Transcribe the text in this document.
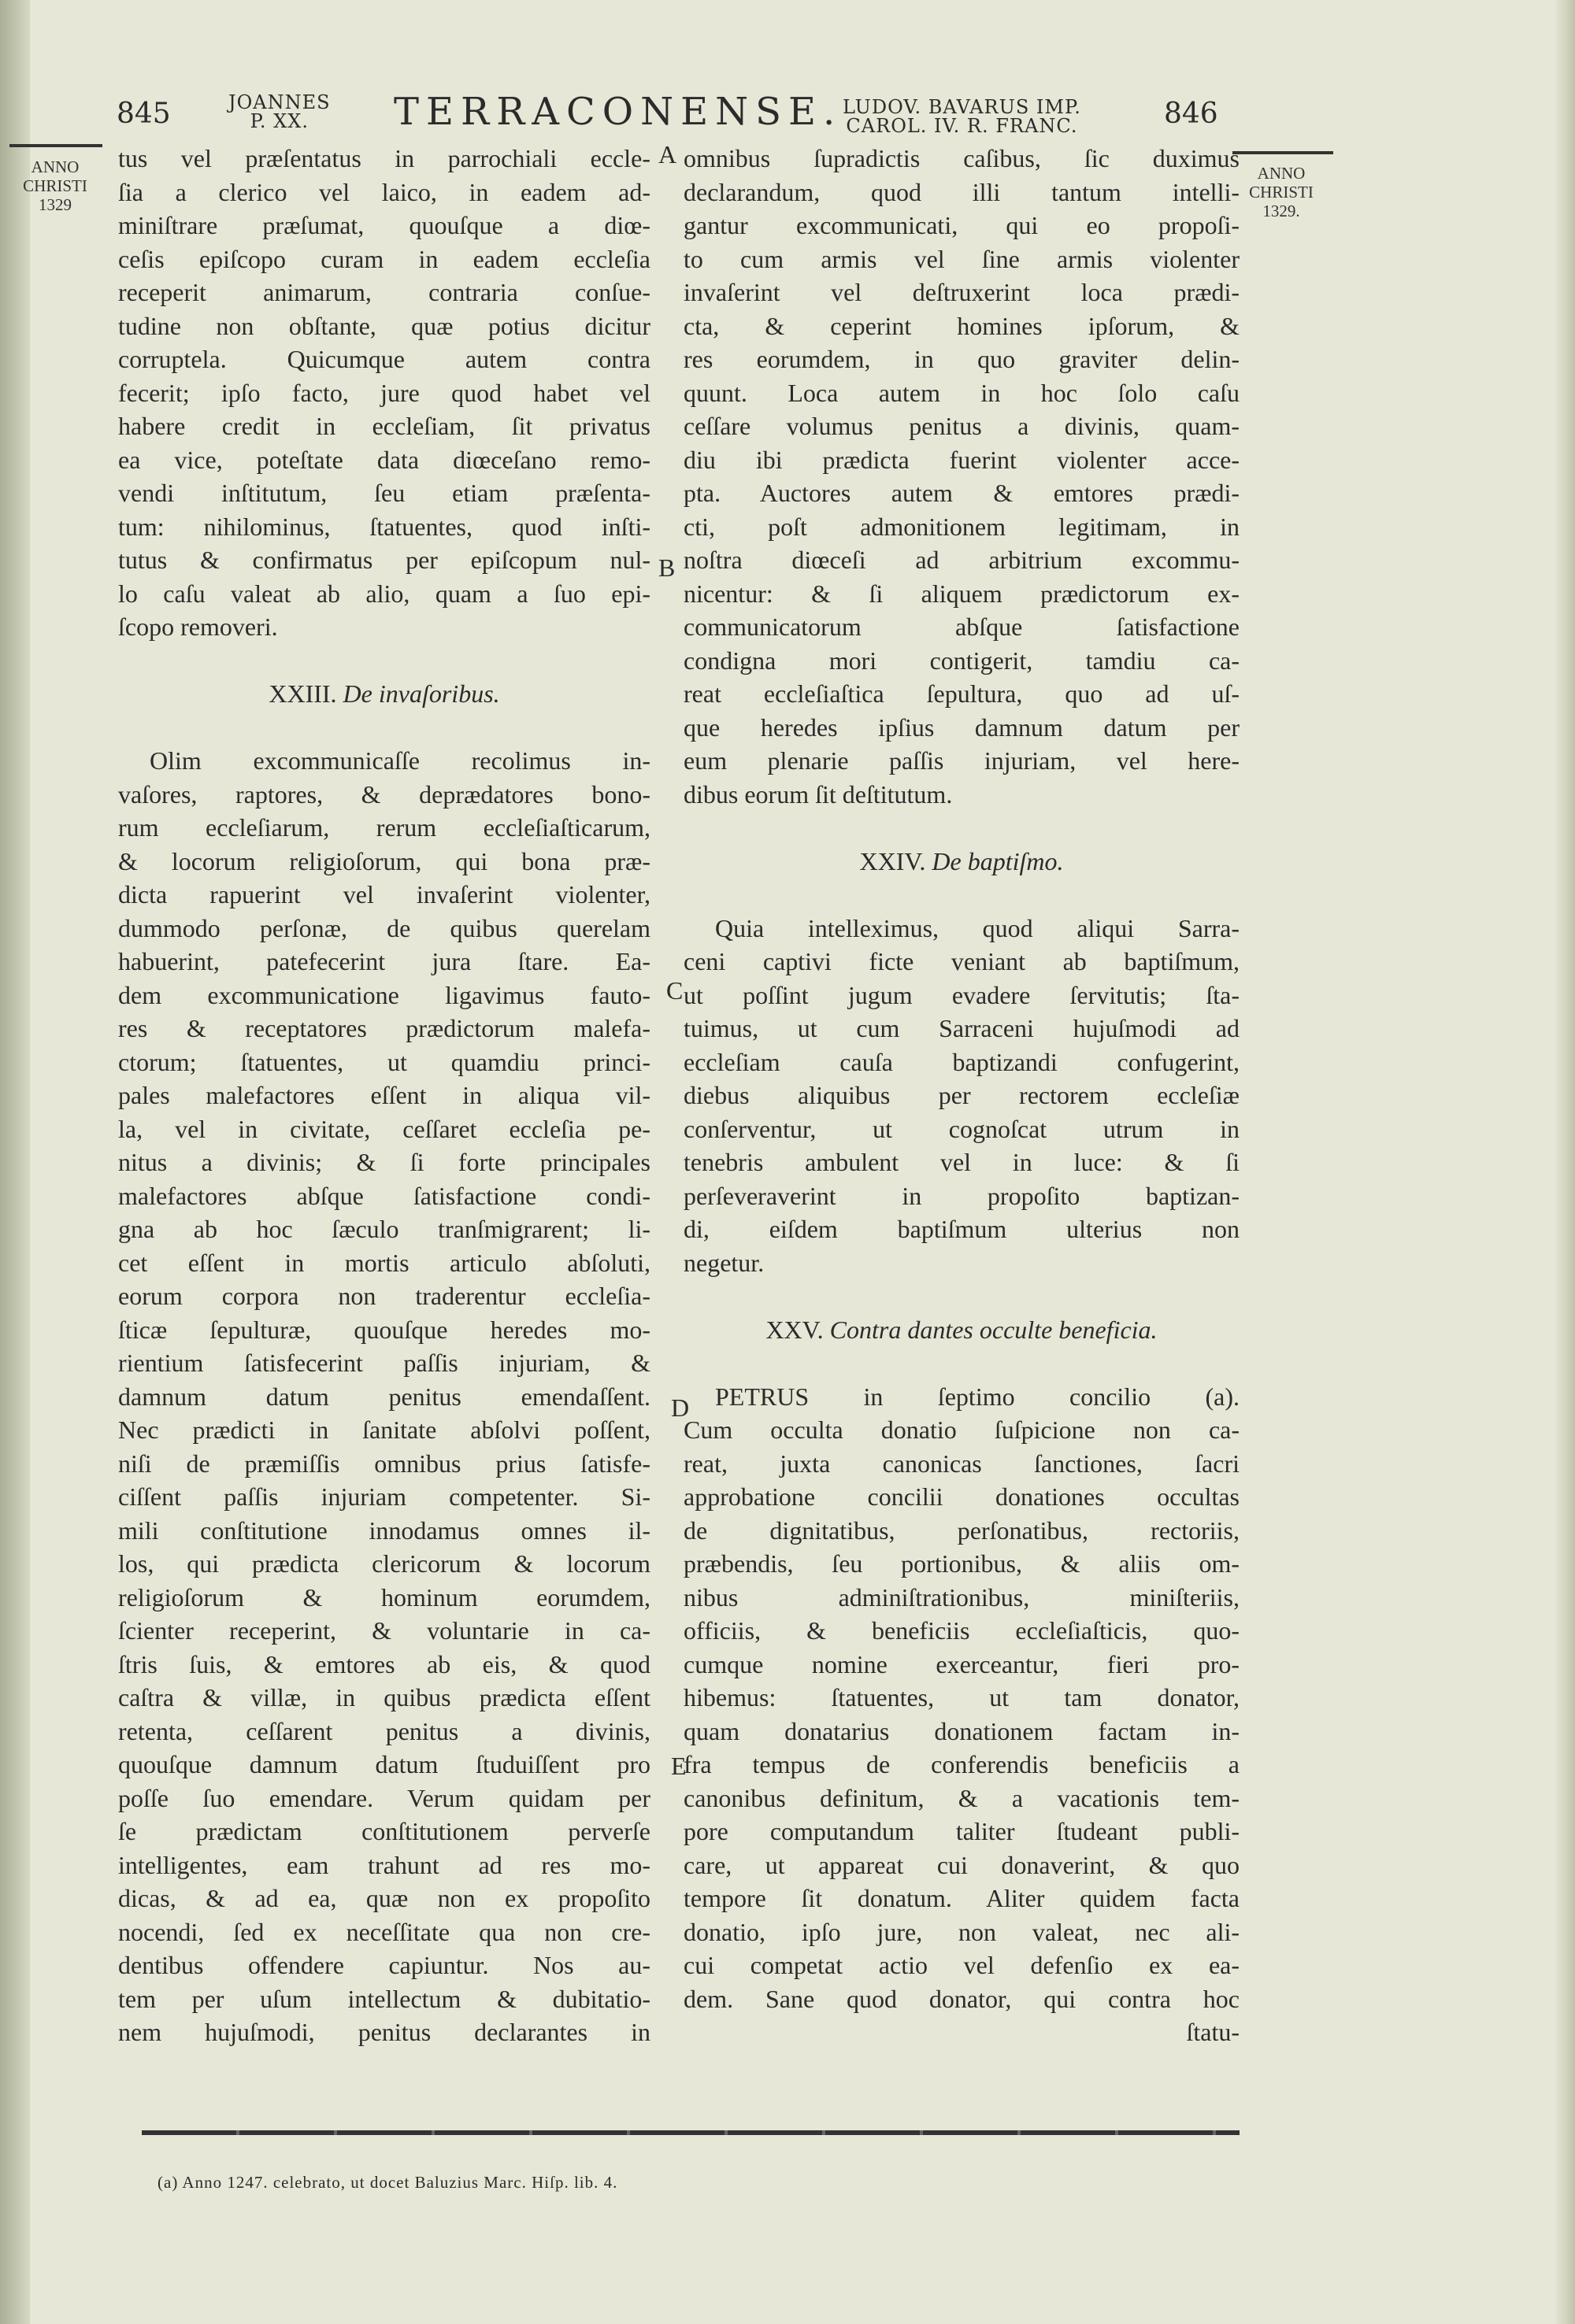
845	JOANNES
P. XX.	TERRACONENSE. LUDOV. BAVARUS IMP.
CAROL. IV. R. FRANC.	846
ANNO
CHRISTI
1329
ANNO
CHRISTI
1329.
A
B
C
D
E
tus vel præſentatus in parrochiali eccle-
ſia a clerico vel laico, in eadem ad-
miniſtrare præſumat, quouſque a diœ-
ceſis epiſcopo curam in eadem eccleſia
receperit animarum, contraria conſue-
tudine non obſtante, quæ potius dicitur
corruptela. Quicumque autem contra
fecerit; ipſo facto, jure quod habet vel
habere credit in eccleſiam, ſit privatus
ea vice, poteſtate data diœceſano remo-
vendi inſtitutum, ſeu etiam præſenta-
tum: nihilominus, ſtatuentes, quod inſti-
tutus & confirmatus per epiſcopum nul-
lo caſu valeat ab alio, quam a ſuo epi-
ſcopo removeri.
XXIII. De invaſoribus.
Olim excommunicaſſe recolimus in-
vaſores, raptores, & deprædatores bono-
rum eccleſiarum, rerum eccleſiaſticarum,
& locorum religioſorum, qui bona præ-
dicta rapuerint vel invaſerint violenter,
dummodo perſonæ, de quibus querelam
habuerint, patefecerint jura ſtare. Ea-
dem excommunicatione ligavimus fauto-
res & receptatores prædictorum malefa-
ctorum; ſtatuentes, ut quamdiu princi-
pales malefactores eſſent in aliqua vil-
la, vel in civitate, ceſſaret eccleſia pe-
nitus a divinis; & ſi forte principales
malefactores abſque ſatisfactione condi-
gna ab hoc ſæculo tranſmigrarent; li-
cet eſſent in mortis articulo abſoluti,
eorum corpora non traderentur eccleſia-
ſticæ ſepulturæ, quouſque heredes mo-
rientium ſatisfecerint paſſis injuriam, &
damnum datum penitus emendaſſent.
Nec prædicti in ſanitate abſolvi poſſent,
niſi de præmiſſis omnibus prius ſatisfe-
ciſſent paſſis injuriam competenter. Si-
mili conſtitutione innodamus omnes il-
los, qui prædicta clericorum & locorum
religioſorum & hominum eorumdem,
ſcienter receperint, & voluntarie in ca-
ſtris ſuis, & emtores ab eis, & quod
caſtra & villæ, in quibus prædicta eſſent
retenta, ceſſarent penitus a divinis,
quouſque damnum datum ſtuduiſſent pro
poſſe ſuo emendare. Verum quidam per
ſe prædictam conſtitutionem perverſe
intelligentes, eam trahunt ad res mo-
dicas, & ad ea, quæ non ex propoſito
nocendi, ſed ex neceſſitate qua non cre-
dentibus offendere capiuntur. Nos au-
tem per uſum intellectum & dubitatio-
nem hujuſmodi, penitus declarantes in
omnibus ſupradictis caſibus, ſic duximus
declarandum, quod illi tantum intelli-
gantur excommunicati, qui eo propoſi-
to cum armis vel ſine armis violenter
invaſerint vel deſtruxerint loca prædi-
cta, & ceperint homines ipſorum, &
res eorumdem, in quo graviter delin-
quunt. Loca autem in hoc ſolo caſu
ceſſare volumus penitus a divinis, quam-
diu ibi prædicta fuerint violenter acce-
pta. Auctores autem & emtores prædi-
cti, poſt admonitionem legitimam, in
noſtra diœceſi ad arbitrium excommu-
nicentur: & ſi aliquem prædictorum ex-
communicatorum abſque ſatisfactione
condigna mori contigerit, tamdiu ca-
reat eccleſiaſtica ſepultura, quo ad uſ-
que heredes ipſius damnum datum per
eum plenarie paſſis injuriam, vel here-
dibus eorum ſit deſtitutum.
XXIV. De baptiſmo.
Quia intelleximus, quod aliqui Sarra-
ceni captivi ficte veniant ab baptiſmum,
ut poſſint jugum evadere ſervitutis; ſta-
tuimus, ut cum Sarraceni hujuſmodi ad
eccleſiam cauſa baptizandi confugerint,
diebus aliquibus per rectorem eccleſiæ
conſerventur, ut cognoſcat utrum in
tenebris ambulent vel in luce: & ſi
perſeveraverint in propoſito baptizan-
di, eiſdem baptiſmum ulterius non
negetur.
XXV. Contra dantes occulte beneficia.
PETRUS in ſeptimo concilio (a).
Cum occulta donatio ſuſpicione non ca-
reat, juxta canonicas ſanctiones, ſacri
approbatione concilii donationes occultas
de dignitatibus, perſonatibus, rectoriis,
præbendis, ſeu portionibus, & aliis om-
nibus adminiſtrationibus, miniſteriis,
officiis, & beneficiis eccleſiaſticis, quo-
cumque nomine exerceantur, fieri pro-
hibemus: ſtatuentes, ut tam donator,
quam donatarius donationem factam in-
fra tempus de conferendis beneficiis a
canonibus definitum, & a vacationis tem-
pore computandum taliter ſtudeant publi-
care, ut appareat cui donaverint, & quo
tempore ſit donatum. Aliter quidem facta
donatio, ipſo jure, non valeat, nec ali-
cui competat actio vel defenſio ex ea-
dem. Sane quod donator, qui contra hoc
ſtatu-
(a) Anno 1247. celebrato, ut docet Baluzius Marc. Hiſp. lib. 4.
